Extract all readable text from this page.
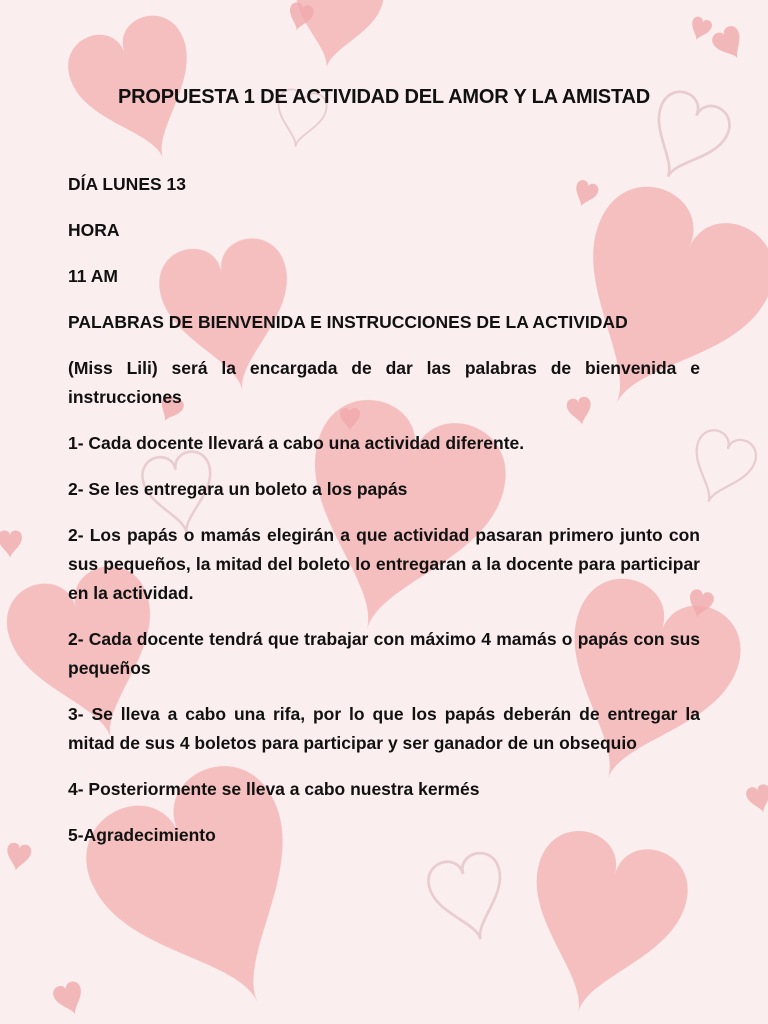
PROPUESTA 1 DE ACTIVIDAD DEL AMOR Y LA AMISTAD

DÍA LUNES 13

HORA

11 AM

PALABRAS DE BIENVENIDA E INSTRUCCIONES DE LA ACTIVIDAD

(Miss Lili) será la encargada de dar las palabras de bienvenida e instrucciones

1- Cada docente llevará a cabo una actividad diferente.

2- Se les entregara un boleto a los papás

2- Los papás o mamás elegirán a que actividad pasaran primero junto con sus pequeños, la mitad del boleto lo entregaran a la docente para participar en la actividad.

2- Cada docente tendrá que trabajar con máximo 4 mamás o papás con sus pequeños

3- Se lleva a cabo una rifa, por lo que los papás deberán de entregar la mitad de sus 4 boletos para participar y ser ganador de un obsequio

4- Posteriormente se lleva a cabo nuestra kermés

5-Agradecimiento
